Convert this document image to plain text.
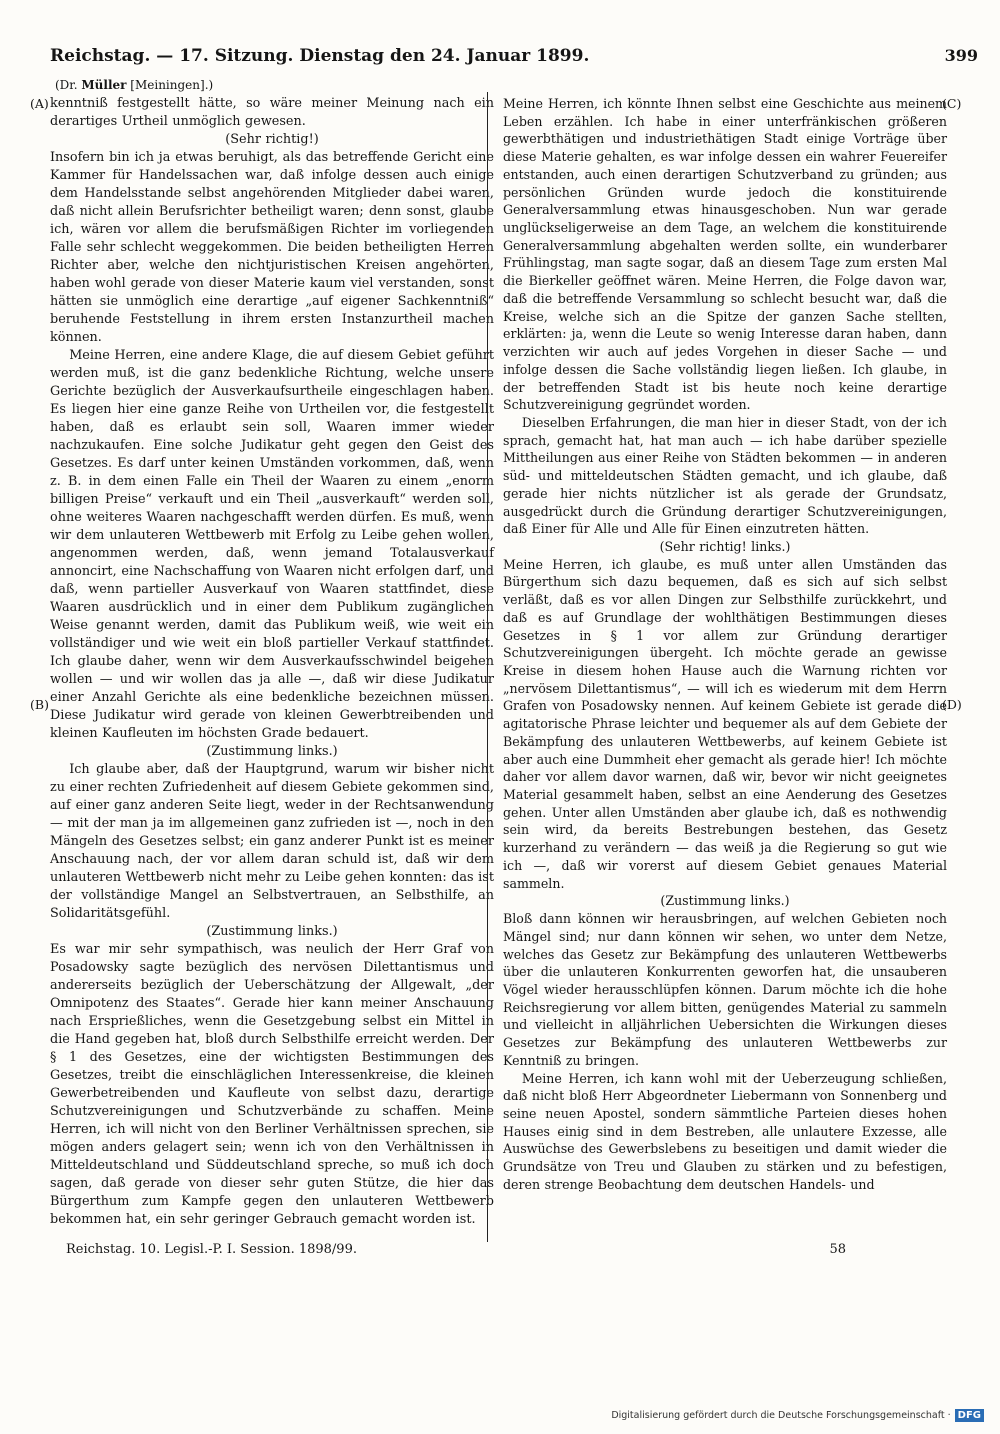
Reichstag. — 17. Sitzung. Dienstag den 24. Januar 1899.	399
(Dr. Müller [Meiningen].)
(A)
(B)
(C)
(D)

kenntniß festgestellt hätte, so wäre meiner Meinung nach ein derartiges Urtheil unmöglich gewesen.

(Sehr richtig!)

Insofern bin ich ja etwas beruhigt, als das betreffende Gericht eine Kammer für Handelssachen war, daß infolge dessen auch einige dem Handelsstande selbst angehörenden Mitglieder dabei waren, daß nicht allein Berufsrichter betheiligt waren; denn sonst, glaube ich, wären vor allem die berufsmäßigen Richter im vorliegenden Falle sehr schlecht weggekommen. Die beiden betheiligten Herren Richter aber, welche den nichtjuristischen Kreisen angehörten, haben wohl gerade von dieser Materie kaum viel verstanden, sonst hätten sie unmöglich eine derartige „auf eigener Sachkenntniß“ beruhende Feststellung in ihrem ersten Instanzurtheil machen können.

Meine Herren, eine andere Klage, die auf diesem Gebiet geführt werden muß, ist die ganz bedenkliche Richtung, welche unsere Gerichte bezüglich der Ausverkaufsurtheile eingeschlagen haben. Es liegen hier eine ganze Reihe von Urtheilen vor, die festgestellt haben, daß es erlaubt sein soll, Waaren immer wieder nachzukaufen. Eine solche Judikatur geht gegen den Geist des Gesetzes. Es darf unter keinen Umständen vorkommen, daß, wenn z. B. in dem einen Falle ein Theil der Waaren zu einem „enorm billigen Preise“ verkauft und ein Theil „ausverkauft“ werden soll, ohne weiteres Waaren nachgeschafft werden dürfen. Es muß, wenn wir dem unlauteren Wettbewerb mit Erfolg zu Leibe gehen wollen, angenommen werden, daß, wenn jemand Totalausverkauf annoncirt, eine Nachschaffung von Waaren nicht erfolgen darf, und daß, wenn partieller Ausverkauf von Waaren stattfindet, diese Waaren ausdrücklich und in einer dem Publikum zugänglichen Weise genannt werden, damit das Publikum weiß, wie weit ein vollständiger und wie weit ein bloß partieller Verkauf stattfindet. Ich glaube daher, wenn wir dem Ausverkaufsschwindel beigehen wollen — und wir wollen das ja alle —, daß wir diese Judikatur einer Anzahl Gerichte als eine bedenkliche bezeichnen müssen. Diese Judikatur wird gerade von kleinen Gewerbtreibenden und kleinen Kaufleuten im höchsten Grade bedauert.

(Zustimmung links.)

Ich glaube aber, daß der Hauptgrund, warum wir bisher nicht zu einer rechten Zufriedenheit auf diesem Gebiete gekommen sind, auf einer ganz anderen Seite liegt, weder in der Rechtsanwendung — mit der man ja im allgemeinen ganz zufrieden ist —, noch in den Mängeln des Gesetzes selbst; ein ganz anderer Punkt ist es meiner Anschauung nach, der vor allem daran schuld ist, daß wir dem unlauteren Wettbewerb nicht mehr zu Leibe gehen konnten: das ist der vollständige Mangel an Selbstvertrauen, an Selbsthilfe, an Solidaritätsgefühl.

(Zustimmung links.)

Es war mir sehr sympathisch, was neulich der Herr Graf von Posadowsky sagte bezüglich des nervösen Dilettantismus und andererseits bezüglich der Ueberschätzung der Allgewalt, „der Omnipotenz des Staates“. Gerade hier kann meiner Anschauung nach Ersprießliches, wenn die Gesetzgebung selbst ein Mittel in die Hand gegeben hat, bloß durch Selbsthilfe erreicht werden. Der § 1 des Gesetzes, eine der wichtigsten Bestimmungen des Gesetzes, treibt die einschläglichen Interessenkreise, die kleinen Gewerbetreibenden und Kaufleute von selbst dazu, derartige Schutzvereinigungen und Schutzverbände zu schaffen. Meine Herren, ich will nicht von den Berliner Verhältnissen sprechen, sie mögen anders gelagert sein; wenn ich von den Verhältnissen in Mitteldeutschland und Süddeutschland spreche, so muß ich doch sagen, daß gerade von dieser sehr guten Stütze, die hier das Bürgerthum zum Kampfe gegen den unlauteren Wettbewerb bekommen hat, ein sehr geringer Gebrauch gemacht worden ist.

Meine Herren, ich könnte Ihnen selbst eine Geschichte aus meinem Leben erzählen. Ich habe in einer unterfränkischen größeren gewerbthätigen und industriethätigen Stadt einige Vorträge über diese Materie gehalten, es war infolge dessen ein wahrer Feuereifer entstanden, auch einen derartigen Schutzverband zu gründen; aus persönlichen Gründen wurde jedoch die konstituirende Generalversammlung etwas hinausgeschoben. Nun war gerade unglückseligerweise an dem Tage, an welchem die konstituirende Generalversammlung abgehalten werden sollte, ein wunderbarer Frühlingstag, man sagte sogar, daß an diesem Tage zum ersten Mal die Bierkeller geöffnet wären. Meine Herren, die Folge davon war, daß die betreffende Versammlung so schlecht besucht war, daß die Kreise, welche sich an die Spitze der ganzen Sache stellten, erklärten: ja, wenn die Leute so wenig Interesse daran haben, dann verzichten wir auch auf jedes Vorgehen in dieser Sache — und infolge dessen die Sache vollständig liegen ließen. Ich glaube, in der betreffenden Stadt ist bis heute noch keine derartige Schutzvereinigung gegründet worden.

Dieselben Erfahrungen, die man hier in dieser Stadt, von der ich sprach, gemacht hat, hat man auch — ich habe darüber spezielle Mittheilungen aus einer Reihe von Städten bekommen — in anderen süd- und mitteldeutschen Städten gemacht, und ich glaube, daß gerade hier nichts nützlicher ist als gerade der Grundsatz, ausgedrückt durch die Gründung derartiger Schutzvereinigungen, daß Einer für Alle und Alle für Einen einzutreten hätten.

(Sehr richtig! links.)

Meine Herren, ich glaube, es muß unter allen Umständen das Bürgerthum sich dazu bequemen, daß es sich auf sich selbst verläßt, daß es vor allen Dingen zur Selbsthilfe zurückkehrt, und daß es auf Grundlage der wohlthätigen Bestimmungen dieses Gesetzes in § 1 vor allem zur Gründung derartiger Schutzvereinigungen übergeht. Ich möchte gerade an gewisse Kreise in diesem hohen Hause auch die Warnung richten vor „nervösem Dilettantismus“, — will ich es wiederum mit dem Herrn Grafen von Posadowsky nennen. Auf keinem Gebiete ist gerade die agitatorische Phrase leichter und bequemer als auf dem Gebiete der Bekämpfung des unlauteren Wettbewerbs, auf keinem Gebiete ist aber auch eine Dummheit eher gemacht als gerade hier! Ich möchte daher vor allem davor warnen, daß wir, bevor wir nicht geeignetes Material gesammelt haben, selbst an eine Aenderung des Gesetzes gehen. Unter allen Umständen aber glaube ich, daß es nothwendig sein wird, da bereits Bestrebungen bestehen, das Gesetz kurzerhand zu verändern — das weiß ja die Regierung so gut wie ich —, daß wir vorerst auf diesem Gebiet genaues Material sammeln.

(Zustimmung links.)

Bloß dann können wir herausbringen, auf welchen Gebieten noch Mängel sind; nur dann können wir sehen, wo unter dem Netze, welches das Gesetz zur Bekämpfung des unlauteren Wettbewerbs über die unlauteren Konkurrenten geworfen hat, die unsauberen Vögel wieder herausschlüpfen können. Darum möchte ich die hohe Reichsregierung vor allem bitten, genügendes Material zu sammeln und vielleicht in alljährlichen Uebersichten die Wirkungen dieses Gesetzes zur Bekämpfung des unlauteren Wettbewerbs zur Kenntniß zu bringen.

Meine Herren, ich kann wohl mit der Ueberzeugung schließen, daß nicht bloß Herr Abgeordneter Liebermann von Sonnenberg und seine neuen Apostel, sondern sämmtliche Parteien dieses hohen Hauses einig sind in dem Bestreben, alle unlautere Exzesse, alle Auswüchse des Gewerbslebens zu beseitigen und damit wieder die Grundsätze von Treu und Glauben zu stärken und zu befestigen, deren strenge Beobachtung dem deutschen Handels- und

Reichstag. 10. Legisl.-P. I. Session. 1898/99.	58
Digitalisierung gefördert durch die Deutsche Forschungsgemeinschaft · DFG
